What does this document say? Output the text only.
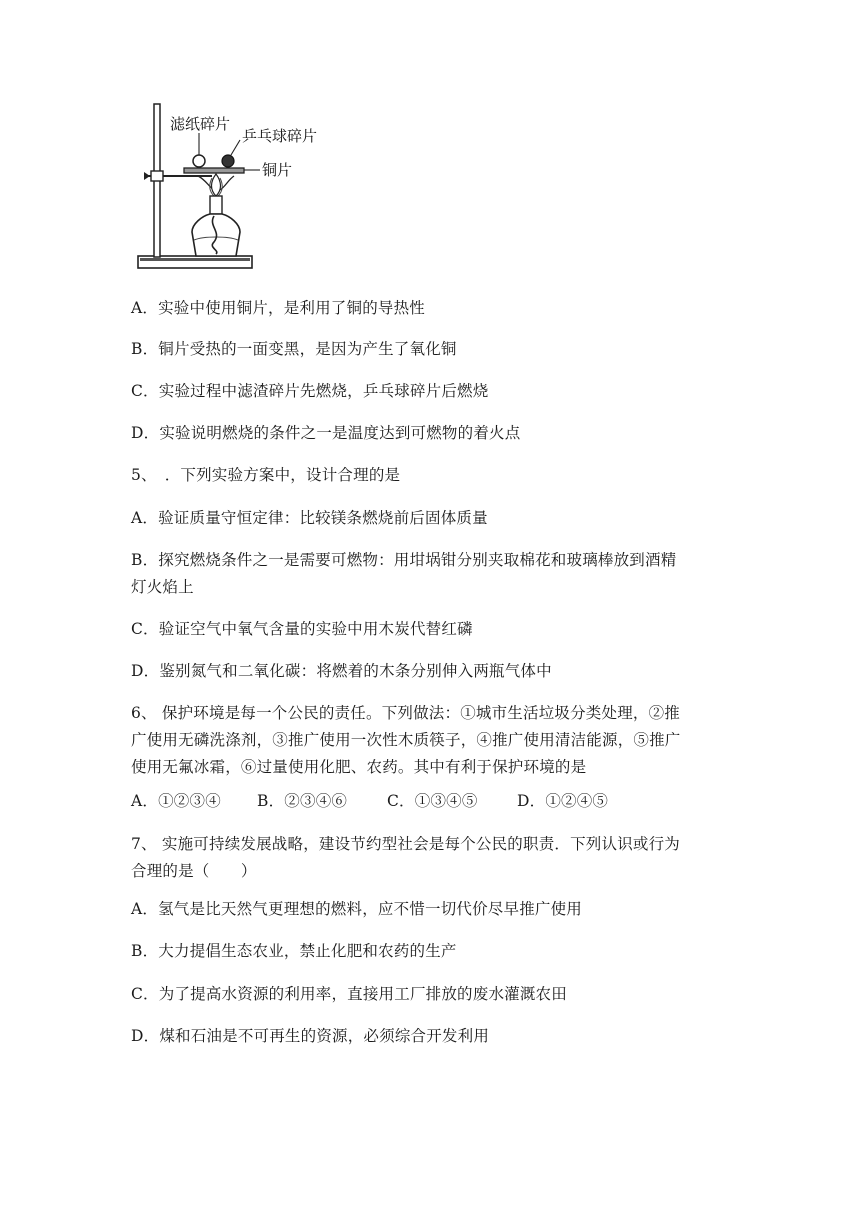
滤纸碎片
乒乓球碎片
铜片
A．实验中使用铜片，是利用了铜的导热性
B．铜片受热的一面变黑，是因为产生了氧化铜
C．实验过程中滤渣碎片先燃烧，乒乓球碎片后燃烧
D．实验说明燃烧的条件之一是温度达到可燃物的着火点
5、　．下列实验方案中，设计合理的是
A．验证质量守恒定律：比较镁条燃烧前后固体质量
B．探究燃烧条件之一是需要可燃物：用坩埚钳分别夹取棉花和玻璃棒放到酒精
灯火焰上
C．验证空气中氧气含量的实验中用木炭代替红磷
D．鉴别氮气和二氧化碳：将燃着的木条分别伸入两瓶气体中
6、 保护环境是每一个公民的责任。下列做法：①城市生活垃圾分类处理，②推
广使用无磷洗涤剂，③推广使用一次性木质筷子，④推广使用清洁能源，⑤推广
使用无氟冰霜，⑥过量使用化肥、农药。其中有利于保护环境的是
A．①②③④ B．②③④⑥	C．①③④⑤	D．①②④⑤
7、 实施可持续发展战略，建设节约型社会是每个公民的职责．下列认识或行为
合理的是（　　）
A．氢气是比天然气更理想的燃料，应不惜一切代价尽早推广使用
B．大力提倡生态农业，禁止化肥和农药的生产
C．为了提高水资源的利用率，直接用工厂排放的废水灌溉农田
D．煤和石油是不可再生的资源，必须综合开发利用
